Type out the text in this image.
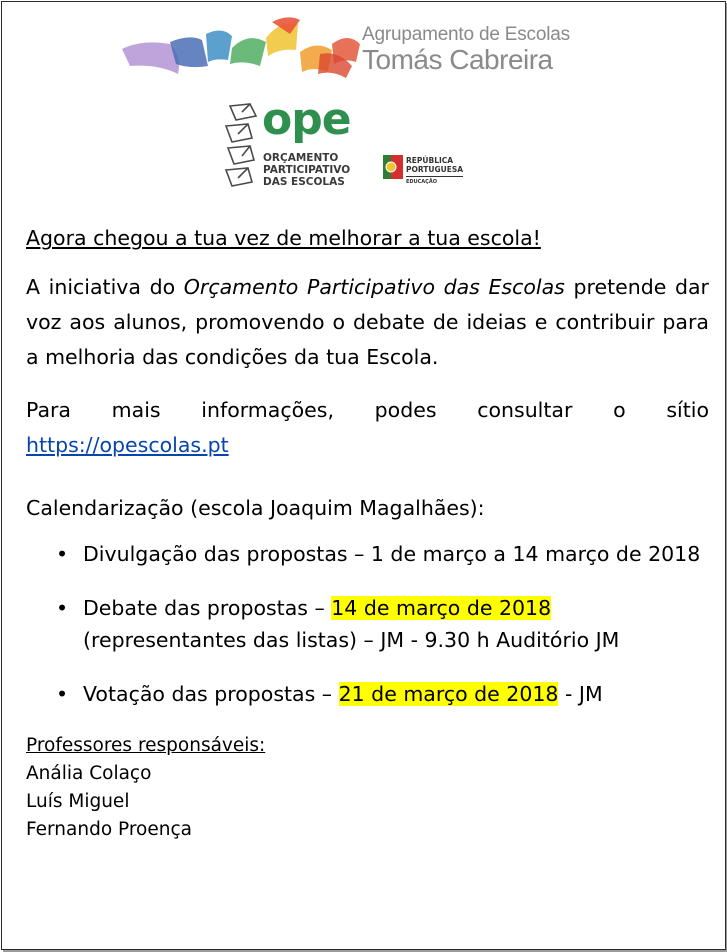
Agrupamento de Escolas
Tomás Cabreira
ope
ORÇAMENTO
PARTICIPATIVO
DAS ESCOLAS
REPÚBLICA
PORTUGUESA
EDUCAÇÃO

Agora chegou a tua vez de melhorar a tua escola!

A iniciativa do Orçamento Participativo das Escolas pretende dar voz aos alunos, promovendo o debate de ideias e contribuir para a melhoria das condições da tua Escola.

Para mais informações, podes consultar o sítio https://opescolas.pt

Calendarização (escola Joaquim Magalhães):

• Divulgação das propostas – 1 de março a 14 março de 2018
• Debate das propostas – 14 de março de 2018 (representantes das listas) – JM - 9.30 h Auditório JM
• Votação das propostas – 21 de março de 2018 - JM
Professores responsáveis:
Anália Colaço
Luís Miguel
Fernando Proença
